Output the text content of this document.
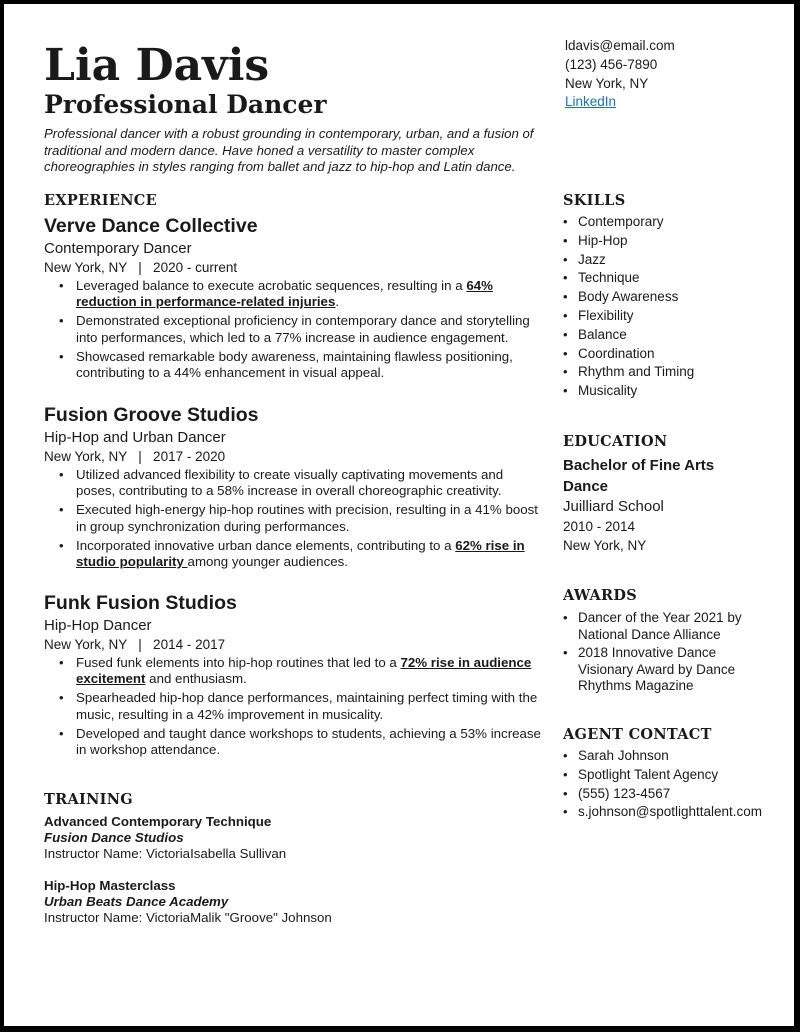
Lia Davis
Professional Dancer
Professional dancer with a robust grounding in contemporary, urban, and a fusion of traditional and modern dance. Have honed a versatility to master complex choreographies in styles ranging from ballet and jazz to hip-hop and Latin dance.
ldavis@email.com
(123) 456-7890
New York, NY
LinkedIn
EXPERIENCE
Verve Dance Collective
Contemporary Dancer
New York, NY   |   2020 - current
• Leveraged balance to execute acrobatic sequences, resulting in a 64% reduction in performance-related injuries.
• Demonstrated exceptional proficiency in contemporary dance and storytelling into performances, which led to a 77% increase in audience engagement.
• Showcased remarkable body awareness, maintaining flawless positioning, contributing to a 44% enhancement in visual appeal.
Fusion Groove Studios
Hip-Hop and Urban Dancer
New York, NY   |   2017 - 2020
• Utilized advanced flexibility to create visually captivating movements and poses, contributing to a 58% increase in overall choreographic creativity.
• Executed high-energy hip-hop routines with precision, resulting in a 41% boost in group synchronization during performances.
• Incorporated innovative urban dance elements, contributing to a 62% rise in studio popularity among younger audiences.
Funk Fusion Studios
Hip-Hop Dancer
New York, NY   |   2014 - 2017
• Fused funk elements into hip-hop routines that led to a 72% rise in audience excitement and enthusiasm.
• Spearheaded hip-hop dance performances, maintaining perfect timing with the music, resulting in a 42% improvement in musicality.
• Developed and taught dance workshops to students, achieving a 53% increase in workshop attendance.
TRAINING
Advanced Contemporary Technique
Fusion Dance Studios
Instructor Name: VictoriaIsabella Sullivan
Hip-Hop Masterclass
Urban Beats Dance Academy
Instructor Name: VictoriaMalik "Groove" Johnson
SKILLS
• Contemporary
• Hip-Hop
• Jazz
• Technique
• Body Awareness
• Flexibility
• Balance
• Coordination
• Rhythm and Timing
• Musicality
EDUCATION
Bachelor of Fine Arts Dance
Juilliard School
2010 - 2014
New York, NY
AWARDS
• Dancer of the Year 2021 by National Dance Alliance
• 2018 Innovative Dance Visionary Award by Dance Rhythms Magazine
AGENT CONTACT
• Sarah Johnson
• Spotlight Talent Agency
• (555) 123-4567
• s.johnson@spotlighttalent.com
